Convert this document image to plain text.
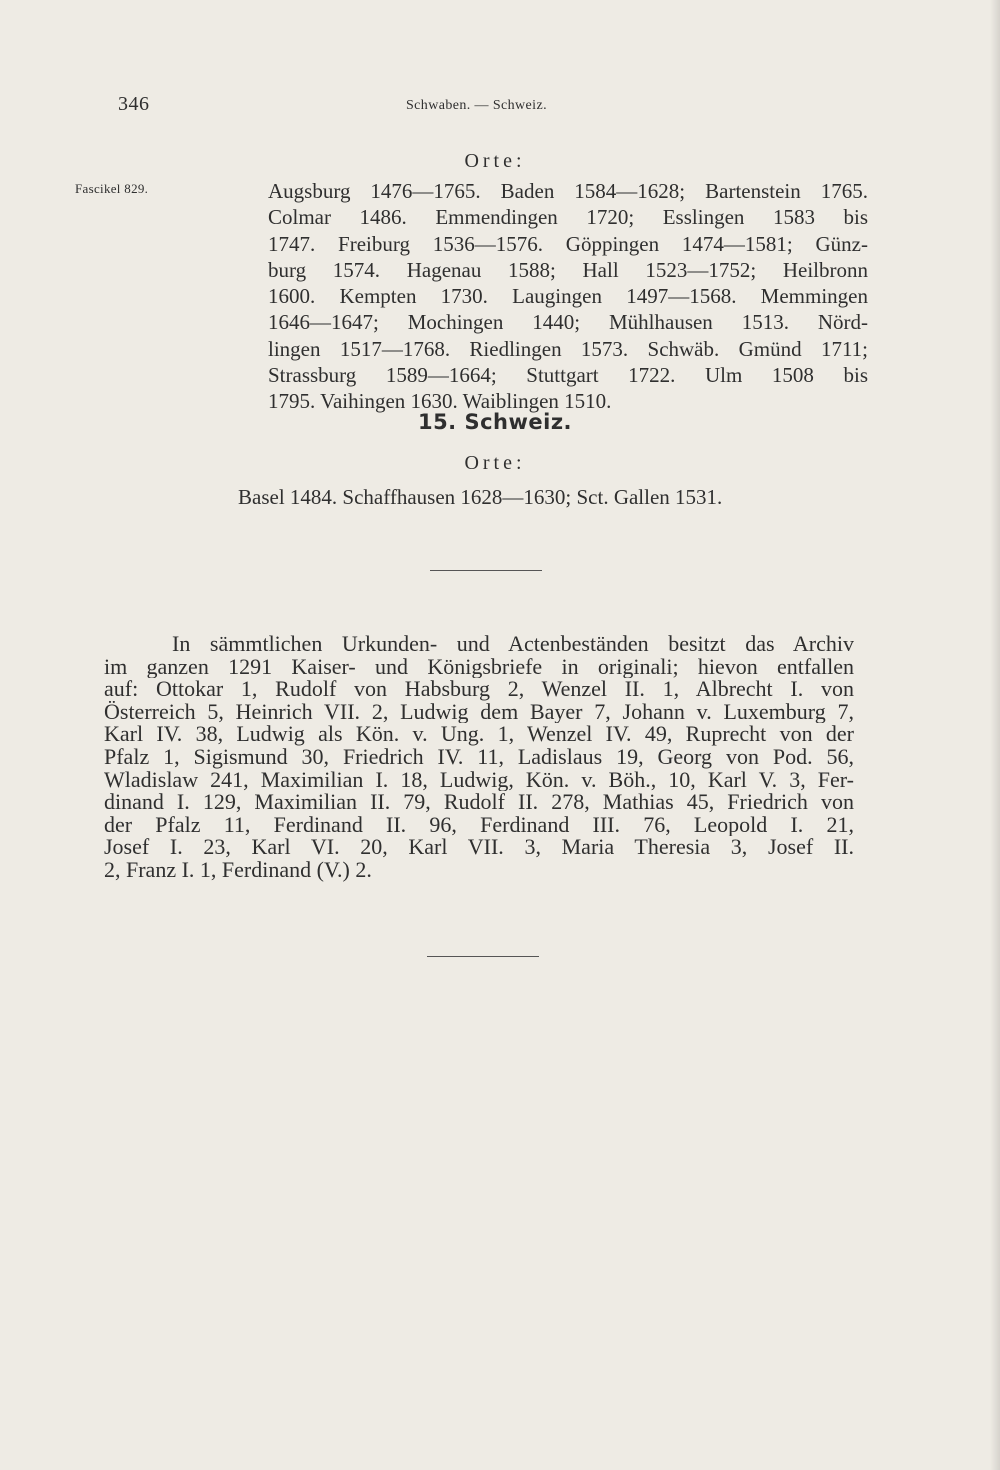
346	Schwaben. — Schweiz.
Orte:
Fascikel 829.	Augsburg 1476—1765. Baden 1584—1628; Bartenstein 1765.
Colmar 1486. Emmendingen 1720; Esslingen 1583 bis
1747. Freiburg 1536—1576. Göppingen 1474—1581; Günz-
burg 1574. Hagenau 1588; Hall 1523—1752; Heilbronn
1600. Kempten 1730. Laugingen 1497—1568. Memmingen
1646—1647; Mochingen 1440; Mühlhausen 1513. Nörd-
lingen 1517—1768. Riedlingen 1573. Schwäb. Gmünd 1711;
Strassburg 1589—1664; Stuttgart 1722. Ulm 1508 bis
1795. Vaihingen 1630. Waiblingen 1510.
15. Schweiz.
Orte:
Basel 1484. Schaffhausen 1628—1630; Sct. Gallen 1531.
In sämmtlichen Urkunden- und Actenbeständen besitzt das Archiv
im ganzen 1291 Kaiser- und Königsbriefe in originali; hievon entfallen
auf: Ottokar 1, Rudolf von Habsburg 2, Wenzel II. 1, Albrecht I. von
Österreich 5, Heinrich VII. 2, Ludwig dem Bayer 7, Johann v. Luxemburg 7,
Karl IV. 38, Ludwig als Kön. v. Ung. 1, Wenzel IV. 49, Ruprecht von der
Pfalz 1, Sigismund 30, Friedrich IV. 11, Ladislaus 19, Georg von Pod. 56,
Wladislaw 241, Maximilian I. 18, Ludwig, Kön. v. Böh., 10, Karl V. 3, Fer-
dinand I. 129, Maximilian II. 79, Rudolf II. 278, Mathias 45, Friedrich von
der Pfalz 11, Ferdinand II. 96, Ferdinand III. 76, Leopold I. 21,
Josef I. 23, Karl VI. 20, Karl VII. 3, Maria Theresia 3, Josef II.
2, Franz I. 1, Ferdinand (V.) 2.
